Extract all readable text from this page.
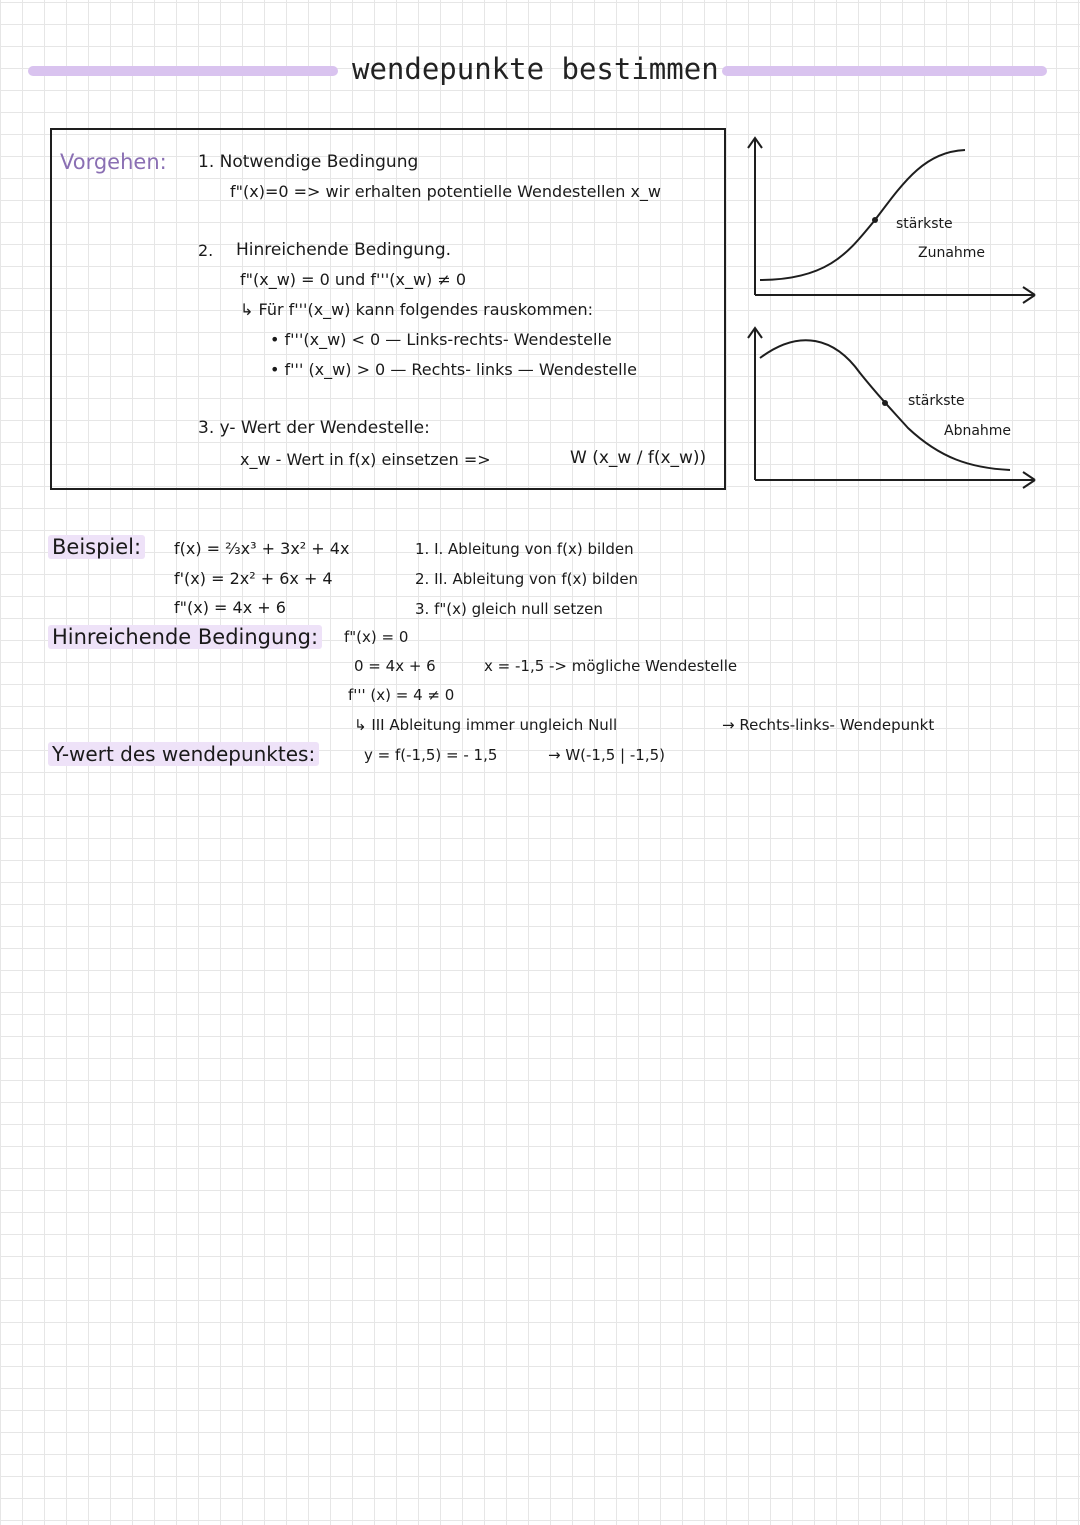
wendepunkte bestimmen
Vorgehen: 1. Notwendige Bedingung
f"(x)=0 => wir erhalten potentielle Wendestellen x_w
2. Hinreichende Bedingung.
f"(x_w) = 0 und f'''(x_w) ≠ 0
↳ Für f'''(x_w) kann folgendes rauskommen:
• f'''(x_w) < 0 — Links-rechts- Wendestelle
• f''' (x_w) > 0 — Rechts- links — Wendestelle
3. y- Wert der Wendestelle:
x_w - Wert in f(x) einsetzen =>	W (x_w / f(x_w))
stärkste
Zunahme
stärkste
Abnahme
Beispiel: f(x) = ⅔x³ + 3x² + 4x
f'(x) = 2x² + 6x + 4
f"(x) = 4x + 6
1. I. Ableitung von f(x) bilden
2. II. Ableitung von f(x) bilden
3. f"(x) gleich null setzen
Hinreichende Bedingung: f"(x) = 0
0 = 4x + 6	x = -1,5 -> mögliche Wendestelle
f''' (x) = 4 ≠ 0
↳ III Ableitung immer ungleich Null	→ Rechts-links- Wendepunkt
Y-wert des wendepunktes:	y = f(-1,5) = - 1,5	→ W(-1,5 | -1,5)
